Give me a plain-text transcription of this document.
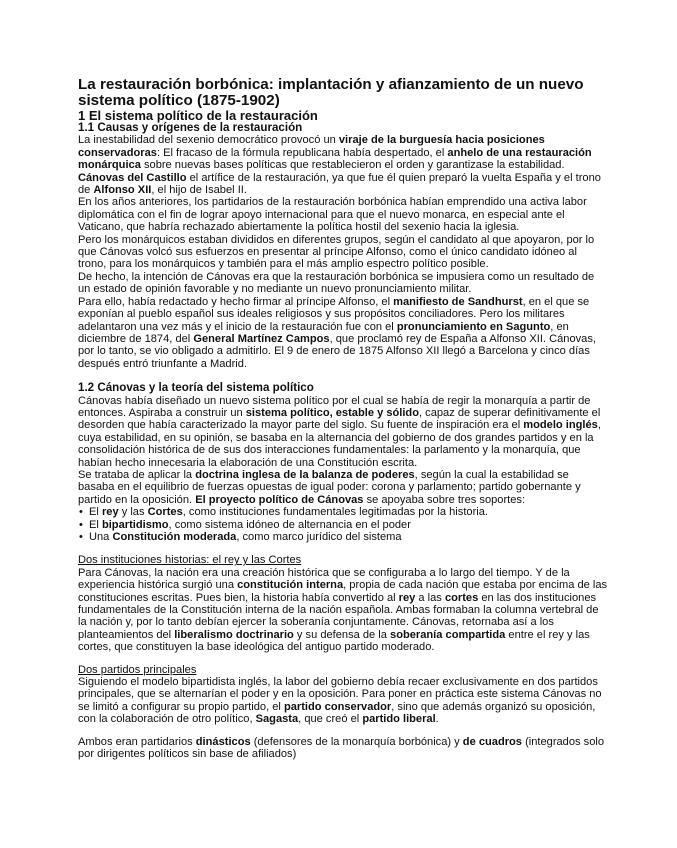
La restauración borbónica: implantación y afianzamiento de un nuevo sistema político (1875-1902)
1 El sistema político de la restauración
1.1 Causas y orígenes de la restauración

La inestabilidad del sexenio democrático provocó un viraje de la burguesía hacia posiciones conservadoras: El fracaso de la fórmula republicana había despertado, el anhelo de una restauración monárquica sobre nuevas bases políticas que restablecieron el orden y garantizase la estabilidad. Cánovas del Castillo el artífice de la restauración, ya que fue él quien preparó la vuelta España y el trono de Alfonso XII, el hijo de Isabel II.

En los años anteriores, los partidarios de la restauración borbónica habían emprendido una activa labor diplomática con el fin de lograr apoyo internacional para que el nuevo monarca, en especial ante el Vaticano, que habría rechazado abiertamente la política hostil del sexenio hacia la iglesia.

Pero los monárquicos estaban divididos en diferentes grupos, según el candidato al que apoyaron, por lo que Cánovas volcó sus esfuerzos en presentar al príncipe Alfonso, como el único candidato idóneo al trono, para los monárquicos y también para el más amplio espectro político posible.

De hecho, la intención de Cánovas era que la restauración borbónica se impusiera como un resultado de un estado de opinión favorable y no mediante un nuevo pronunciamiento militar.

Para ello, había redactado y hecho firmar al príncipe Alfonso, el manifiesto de Sandhurst, en el que se exponían al pueblo español sus ideales religiosos y sus propósitos conciliadores. Pero los militares adelantaron una vez más y el inicio de la restauración fue con el pronunciamiento en Sagunto, en diciembre de 1874, del General Martínez Campos, que proclamó rey de España a Alfonso XII. Cánovas, por lo tanto, se vio obligado a admitirlo. El 9 de enero de 1875 Alfonso XII llegó a Barcelona y cinco días después entró triunfante a Madrid.

1.2 Cánovas y la teoría del sistema político

Cánovas había diseñado un nuevo sistema político por el cual se había de regir la monarquía a partir de entonces. Aspiraba a construir un sistema político, estable y sólido, capaz de superar definitivamente el desorden que había caracterizado la mayor parte del siglo. Su fuente de inspiración era el modelo inglés, cuya estabilidad, en su opinión, se basaba en la alternancia del gobierno de dos grandes partidos y en la consolidación histórica de de sus dos interacciones fundamentales: la parlamento y la monarquía, que habían hecho innecesaria la elaboración de una Constitución escrita.

Se trataba de aplicar la doctrina inglesa de la balanza de poderes, según la cual la estabilidad se basaba en el equilibrio de fuerzas opuestas de igual poder: corona y parlamento; partido gobernante y partido en la oposición. El proyecto político de Cánovas se apoyaba sobre tres soportes:

• El rey y las Cortes, como instituciones fundamentales legitimadas por la historia.
• El bipartidismo, como sistema idóneo de alternancia en el poder
• Una Constitución moderada, como marco jurídico del sistema

Dos instituciones historias: el rey y las Cortes

Para Cánovas, la nación era una creación histórica que se configuraba a lo largo del tiempo. Y de la experiencia histórica surgió una constitución interna, propia de cada nación que estaba por encima de las constituciones escritas. Pues bien, la historia había convertido al rey a las cortes en las dos instituciones fundamentales de la Constitución interna de la nación española. Ambas formaban la columna vertebral de la nación y, por lo tanto debían ejercer la soberanía conjuntamente. Cánovas, retornaba así a los planteamientos del liberalismo doctrinario y su defensa de la soberanía compartida entre el rey y las cortes, que constituyen la base ideológica del antiguo partido moderado.

Dos partidos principales

Siguiendo el modelo bipartidista inglés, la labor del gobierno debía recaer exclusivamente en dos partidos principales, que se alternarían el poder y en la oposición. Para poner en práctica este sistema Cánovas no se limitó a configurar su propio partido, el partido conservador, sino que además organizó su oposición, con la colaboración de otro político, Sagasta, que creó el partido liberal.

Ambos eran partidarios dinásticos (defensores de la monarquía borbónica) y de cuadros (integrados solo por dirigentes políticos sin base de afiliados)
